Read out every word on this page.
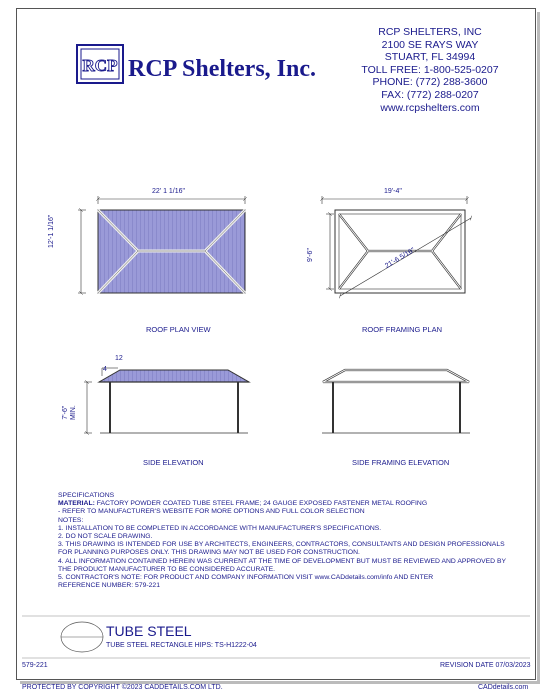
RCP RCP Shelters, Inc.
RCP SHELTERS, INC
2100 SE RAYS WAY
STUART, FL 34994
TOLL FREE: 1-800-525-0207
PHONE: (772) 288-3600
FAX: (772) 288-0207
www.rcpshelters.com
22' 1 1/16"
12'-1 1/16"
19'-4"
9'-6"	21'-6 5/16"
12
4
7'-6" MIN.
ROOF PLAN VIEW	ROOF FRAMING PLAN
SIDE ELEVATION	SIDE FRAMING ELEVATION
SPECIFICATIONS
MATERIAL: FACTORY POWDER COATED TUBE STEEL FRAME; 24 GAUGE EXPOSED FASTENER METAL ROOFING
- REFER TO MANUFACTURER'S WEBSITE FOR MORE OPTIONS AND FULL COLOR SELECTION
NOTES:
1. INSTALLATION TO BE COMPLETED IN ACCORDANCE WITH MANUFACTURER'S SPECIFICATIONS.
2. DO NOT SCALE DRAWING.
3. THIS DRAWING IS INTENDED FOR USE BY ARCHITECTS, ENGINEERS, CONTRACTORS, CONSULTANTS AND DESIGN PROFESSIONALS
FOR PLANNING PURPOSES ONLY. THIS DRAWING MAY NOT BE USED FOR CONSTRUCTION.
4. ALL INFORMATION CONTAINED HEREIN WAS CURRENT AT THE TIME OF DEVELOPMENT BUT MUST BE REVIEWED AND APPROVED BY
THE PRODUCT MANUFACTURER TO BE CONSIDERED ACCURATE.
5. CONTRACTOR'S NOTE: FOR PRODUCT AND COMPANY INFORMATION VISIT www.CADdetails.com/info AND ENTER
REFERENCE NUMBER: 579-221
TUBE STEEL
TUBE STEEL RECTANGLE HIPS: TS-H1222-04
579-221	REVISION DATE 07/03/2023
PROTECTED BY COPYRIGHT ©2023 CADDETAILS.COM LTD.	CADdetails.com
